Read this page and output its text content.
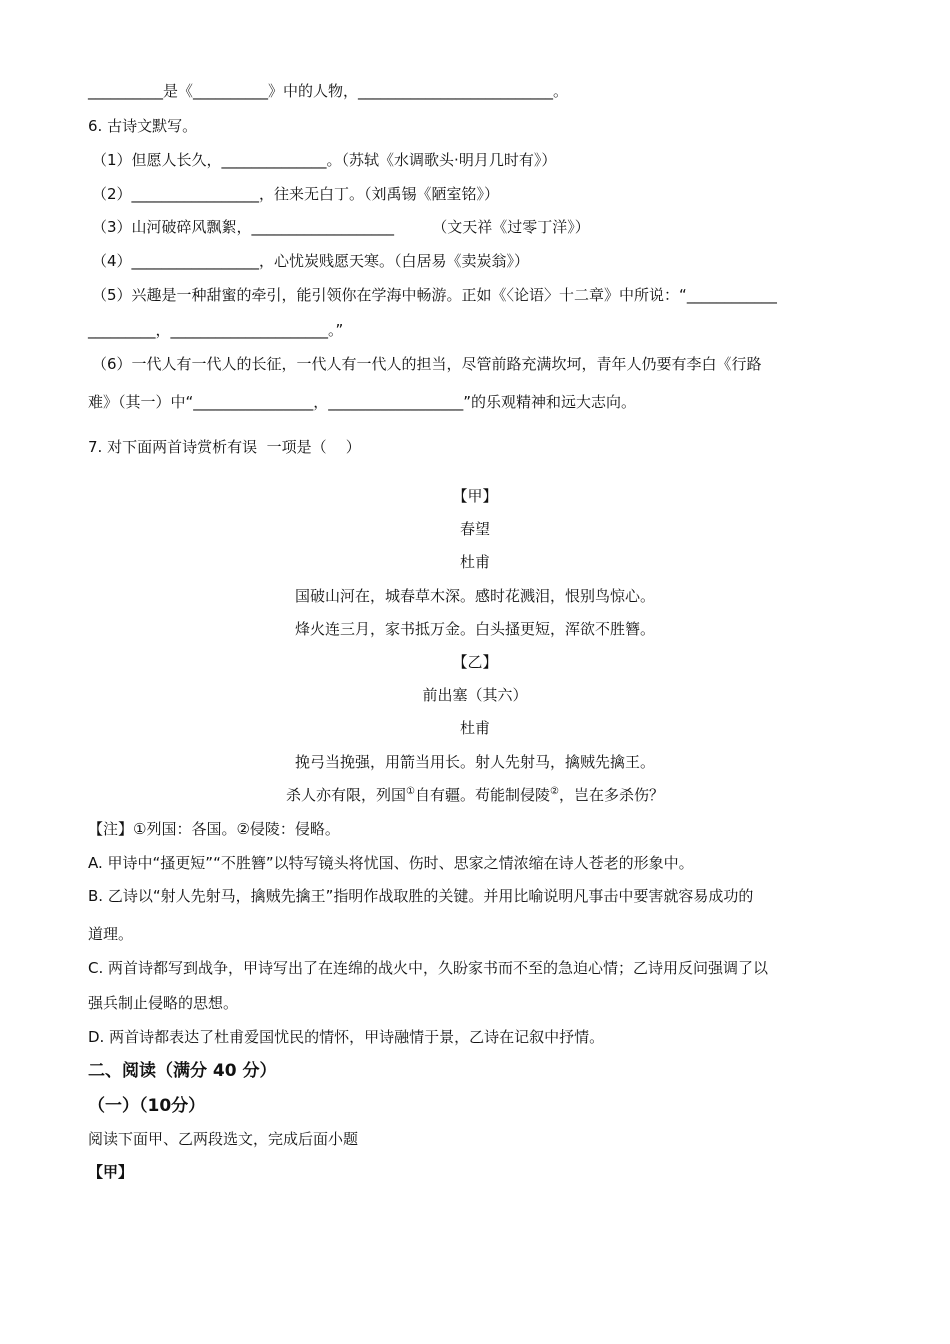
__________是《__________》中的人物，__________________________。
6. 古诗文默写。
（1）但愿人长久，______________。（苏轼《水调歌头·明月几时有》）
（2）_________________，往来无白丁。（刘禹锡《陋室铭》）
（3）山河破碎风飘絮，___________________        （文天祥《过零丁洋》）
（4）_________________，心忧炭贱愿天寒。（白居易《卖炭翁》）
（5）兴趣是一种甜蜜的牵引，能引领你在学海中畅游。正如《〈论语〉十二章》中所说：“____________
_________，_____________________。”
（6）一代人有一代人的长征，一代人有一代人的担当，尽管前路充满坎坷，青年人仍要有李白《行路
难》（其一）中“________________，__________________”的乐观精神和远大志向。
7. 对下面两首诗赏析有误  一项是（    ）
【甲】
春望
杜甫
国破山河在，城春草木深。感时花溅泪，恨别鸟惊心。
烽火连三月，家书抵万金。白头搔更短，浑欲不胜簪。
【乙】
前出塞（其六）
杜甫
挽弓当挽强，用箭当用长。射人先射马，擒贼先擒王。
杀人亦有限，列国①自有疆。苟能制侵陵②，岂在多杀伤？
【注】①列国：各国。②侵陵：侵略。
A. 甲诗中“搔更短”“不胜簪”以特写镜头将忧国、伤时、思家之情浓缩在诗人苍老的形象中。
B. 乙诗以“射人先射马，擒贼先擒王”指明作战取胜的关键。并用比喻说明凡事击中要害就容易成功的
道理。
C. 两首诗都写到战争，甲诗写出了在连绵的战火中，久盼家书而不至的急迫心情；乙诗用反问强调了以
强兵制止侵略的思想。
D. 两首诗都表达了杜甫爱国忧民的情怀，甲诗融情于景，乙诗在记叙中抒情。
二、阅读（满分 40 分）
（一）（10分）
阅读下面甲、乙两段选文，完成后面小题
【甲】
